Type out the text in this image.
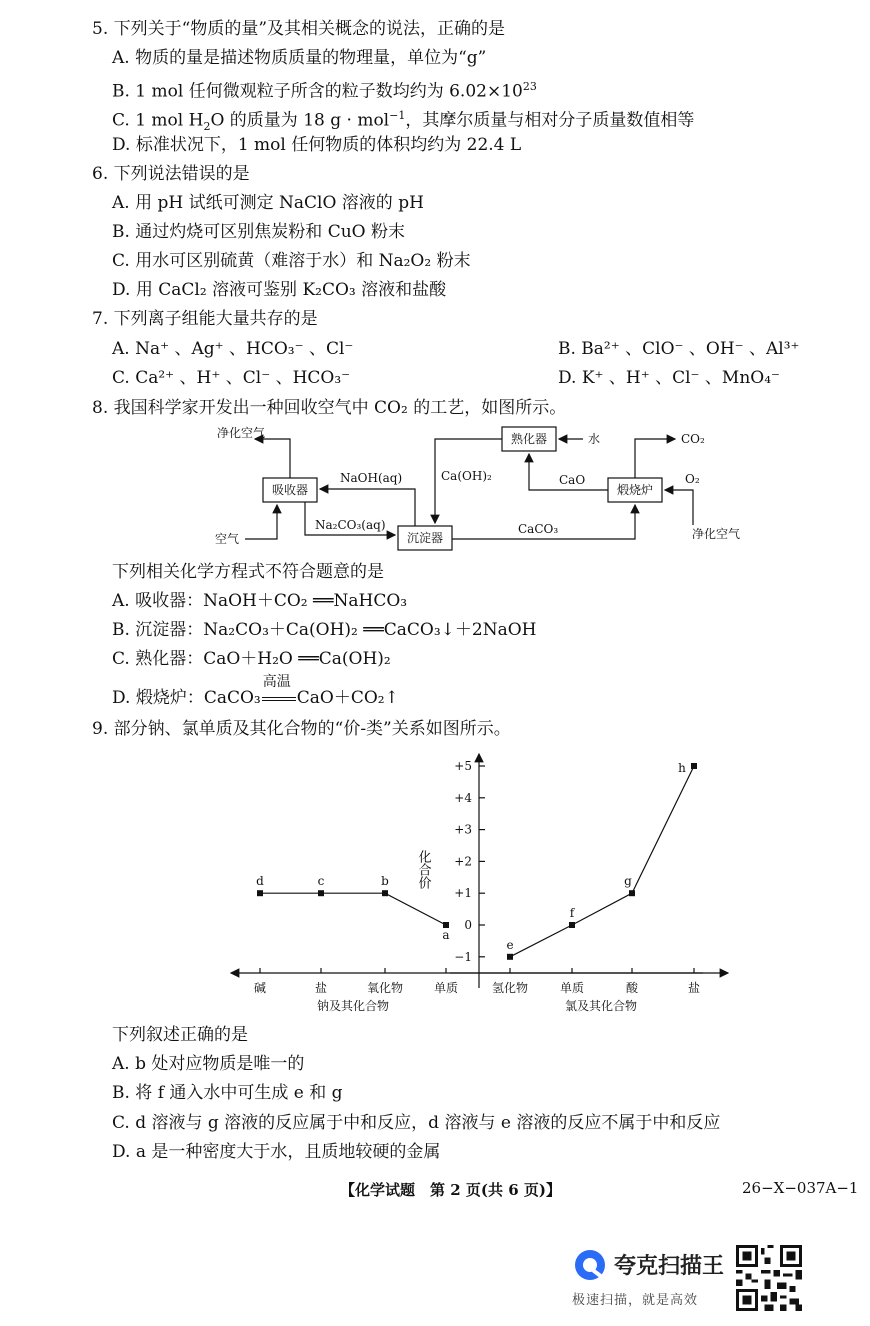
5. 下列关于“物质的量”及其相关概念的说法，正确的是
A. 物质的量是描述物质质量的物理量，单位为“g”
B. 1 mol 任何微观粒子所含的粒子数均约为 $6.02\times 10^{23}$
C. 1 mol $H_2O$ 的质量为 18 g · mol$^{-1}$，其摩尔质量与相对分子质量数值相等
D. 标准状况下，1 mol 任何物质的体积均约为 22.4 L
6. 下列说法错误的是
A. 用 pH 试纸可测定 NaClO 溶液的 pH
B. 通过灼烧可区别焦炭粉和 CuO 粉末
C. 用水可区别硫黄（难溶于水）和 Na₂O₂ 粉末
D. 用 CaCl₂ 溶液可鉴别 K₂CO₃ 溶液和盐酸
7. 下列离子组能大量共存的是
A. Na⁺ 、Ag⁺ 、HCO₃⁻ 、Cl⁻	B. Ba²⁺ 、ClO⁻ 、OH⁻ 、Al³⁺
C. Ca²⁺ 、H⁺ 、Cl⁻ 、HCO₃⁻	D. K⁺ 、H⁺ 、Cl⁻ 、MnO₄⁻
8. 我国科学家开发出一种回收空气中 CO₂ 的工艺，如图所示。
吸收器
沉淀器
熟化器
煅烧炉
净化空气
空气
NaOH(aq)
Na₂CO₃(aq)
Ca(OH)₂
水
CaO
CaCO₃
CO₂
O₂
净化空气
下列相关化学方程式不符合题意的是
A. 吸收器：NaOH＋CO₂ ══NaHCO₃
B. 沉淀器：Na₂CO₃＋Ca(OH)₂ ══CaCO₃↓＋2NaOH
C. 熟化器：CaO＋H₂O ══Ca(OH)₂
D. 煅烧炉：CaCO₃
高温
CaO＋CO₂↑
9. 部分钠、氯单质及其化合物的“价-类”关系如图所示。
化合价
−1
0
+1
+2
+3
+4
+5
碱	盐	氧化物	单质	氢化物	单质	酸	盐
钠及其化合物	氯及其化合物
d	c	b
a
e
f
g
h
下列叙述正确的是
A. b 处对应物质是唯一的
B. 将 f 通入水中可生成 e 和 g
C. d 溶液与 g 溶液的反应属于中和反应，d 溶液与 e 溶液的反应不属于中和反应
D. a 是一种密度大于水，且质地较硬的金属
【化学试题　第 2 页(共 6 页)】	26−X−037A−1
夸克扫描王
极速扫描，就是高效
